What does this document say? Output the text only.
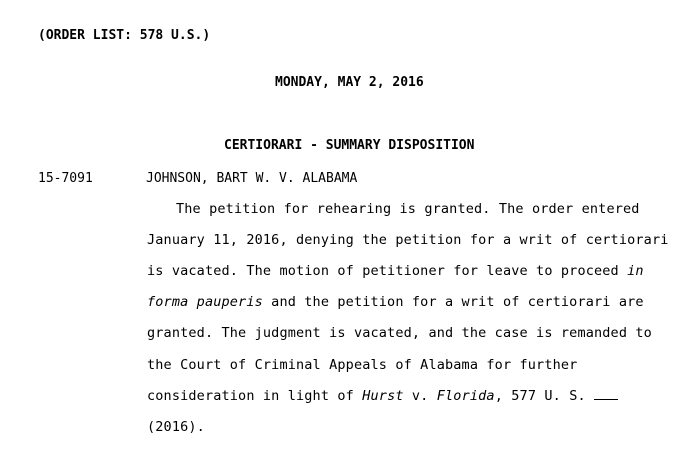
(ORDER LIST: 578 U.S.)
MONDAY, MAY 2, 2016
CERTIORARI - SUMMARY DISPOSITION
15-7091	JOHNSON, BART W. V. ALABAMA
The petition for rehearing is granted. The order entered
January 11, 2016, denying the petition for a writ of certiorari
is vacated. The motion of petitioner for leave to proceed in
forma pauperis and the petition for a writ of certiorari are
granted. The judgment is vacated, and the case is remanded to
the Court of Criminal Appeals of Alabama for further
consideration in light of Hurst v. Florida, 577 U. S.
(2016).
